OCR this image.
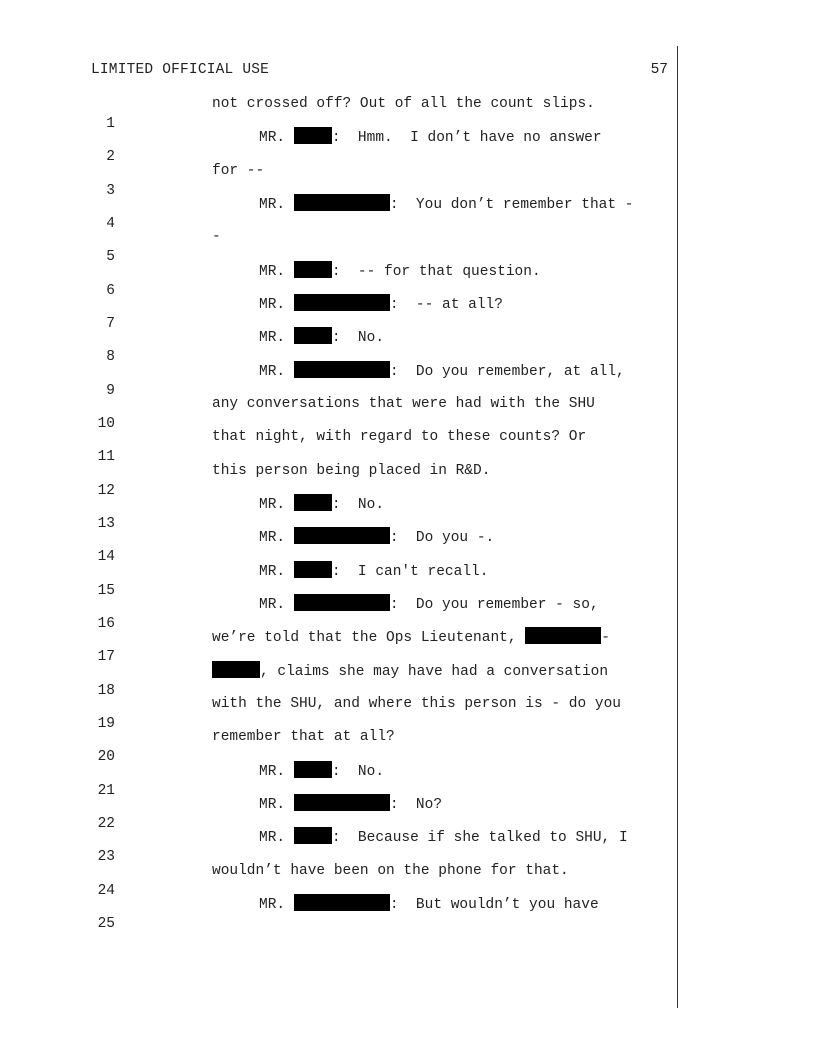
LIMITED OFFICIAL USE	57

1

not crossed off? Out of all the count slips.

2

MR.	:  Hmm.  I don’t have no answer

3

for --

4

MR.	:  You don’t remember that -

5

-

6

MR.	:  -- for that question.

7

MR.	:  -- at all?

8

MR.	:  No.

9

MR.	:  Do you remember, at all,

10

any conversations that were had with the SHU

11

that night, with regard to these counts? Or

12

this person being placed in R&D.

13

MR.	:  No.

14

MR.	:  Do you -.

15

MR.	:  I can't recall.

16

MR.	:  Do you remember - so,

17

we’re told that the Ops Lieutenant,	-

18

, claims she may have had a conversation

19

with the SHU, and where this person is - do you

20

remember that at all?

21

MR.	:  No.

22

MR.	:  No?

23

MR.	:  Because if she talked to SHU, I

24

wouldn’t have been on the phone for that.

25

MR.	:  But wouldn’t you have
